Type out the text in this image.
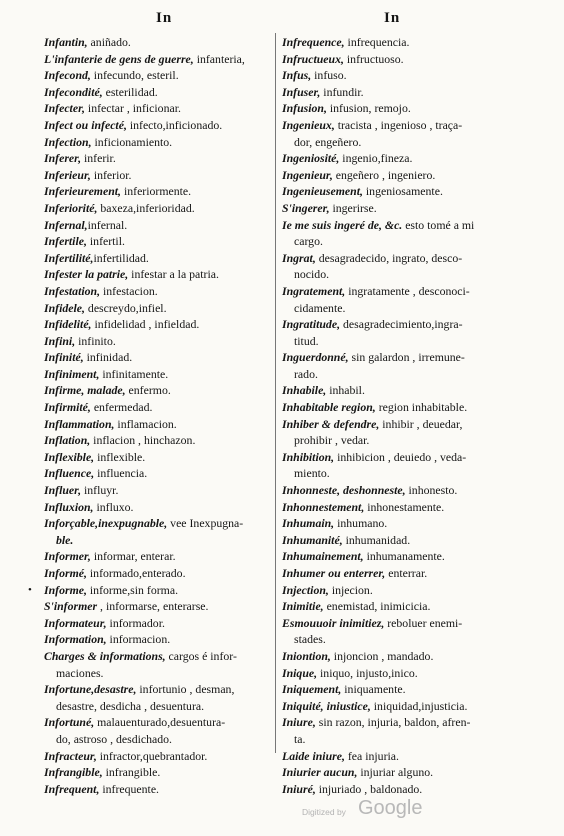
In	In
Infantin, aniñado.
L'infanterie de gens de guerre, infanteria,
Infecond, infecundo, esteril.
Infecondité, esterilidad.
Infecter, infectar , inficionar.
Infect ou infecté, infecto,inficionado.
Infection, inficionamiento.
Inferer, inferir.
Inferieur, inferior.
Inferieurement, inferiormente.
Inferiorité, baxeza,inferioridad.
Infernal,infernal.
Infertile, infertil.
Infertilité,infertilidad.
Infester la patrie, infestar a la patria.
Infestation, infestacion.
Infidele, descreydo,infiel.
Infidelité, infidelidad , infieldad.
Infini, infinito.
Infinité, infinidad.
Infiniment, infinitamente.
Infirme, malade, enfermo.
Infirmité, enfermedad.
Inflammation, inflamacion.
Inflation, inflacion , hinchazon.
Inflexible, inflexible.
Influence, influencia.
Influer, influyr.
Influxion, influxo.
Inforçable,inexpugnable, vee Inexpugna-
ble.
Informer, informar, enterar.
Informé, informado,enterado.
• Informe, informe,sin forma.
S'informer , informarse, enterarse.
Informateur, informador.
Information, informacion.
Charges & informations, cargos é infor-
maciones.
Infortune,desastre, infortunio , desman,
desastre, desdicha , desuentura.
Infortuné, malauenturado,desuentura-
do, astroso , desdichado.
Infracteur, infractor,quebrantador.
Infrangible, infrangible.
Infrequent, infrequente.
Infrequence, infrequencia.
Infructueux, infructuoso.
Infus, infuso.
Infuser, infundir.
Infusion, infusion, remojo.
Ingenieux, tracista , ingenioso , traça-
dor, engeñero.
Ingeniosité, ingenio,fineza.
Ingenieur, engeñero , ingeniero.
Ingenieusement, ingeniosamente.
S'ingerer, ingerirse.
Ie me suis ingeré de, &c. esto tomé a mi
cargo.
Ingrat, desagradecido, ingrato, desco-
nocido.
Ingratement, ingratamente , desconoci-
cidamente.
Ingratitude, desagradecimiento,ingra-
titud.
Inguerdonné, sin galardon , irremune-
rado.
Inhabile, inhabil.
Inhabitable region, region inhabitable.
Inhiber & defendre, inhibir , deuedar,
prohibir , vedar.
Inhibition, inhibicion , deuiedo , veda-
miento.
Inhonneste, deshonneste, inhonesto.
Inhonnestement, inhonestamente.
Inhumain, inhumano.
Inhumanité, inhumanidad.
Inhumainement, inhumanamente.
Inhumer ou enterrer, enterrar.
Injection, injecion.
Inimitie, enemistad, inimicicia.
Esmouuoir inimitiez, reboluer enemi-
stades.
Iniontion, injoncion , mandado.
Inique, iniquo, injusto,inico.
Iniquement, iniquamente.
Iniquité, iniustice, iniquidad,injusticia.
Iniure, sin razon, injuria, baldon, afren-
ta.
Laide iniure, fea injuria.
Iniurier aucun, injuriar alguno.
Iniuré, injuriado , baldonado.
Digitized by Google
